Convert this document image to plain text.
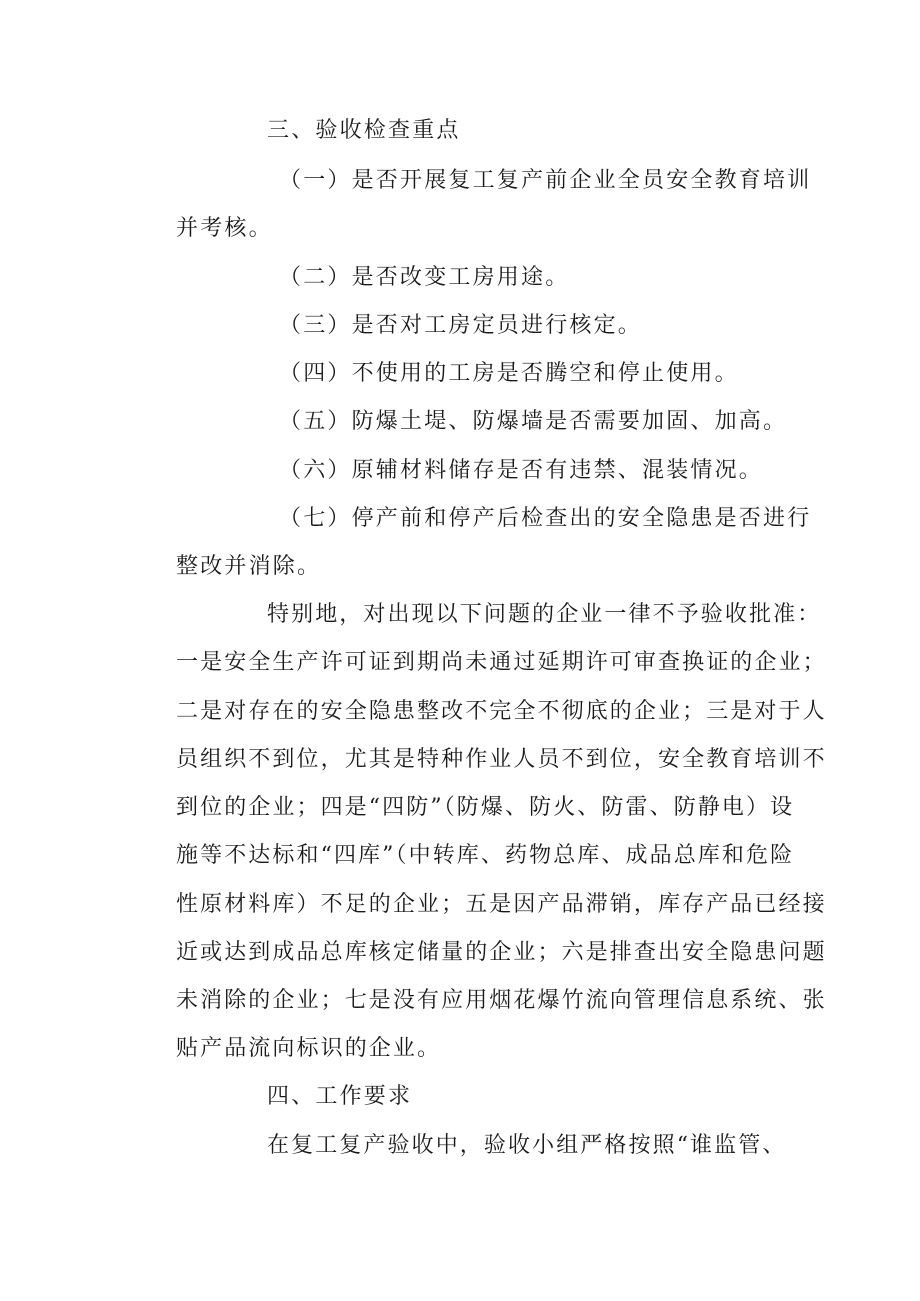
三、验收检查重点
（一）是否开展复工复产前企业全员安全教育培训
并考核。
（二）是否改变工房用途。
（三）是否对工房定员进行核定。
（四）不使用的工房是否腾空和停止使用。
（五）防爆土堤、防爆墙是否需要加固、加高。
（六）原辅材料储存是否有违禁、混装情况。
（七）停产前和停产后检查出的安全隐患是否进行
整改并消除。
特别地，对出现以下问题的企业一律不予验收批准：
一是安全生产许可证到期尚未通过延期许可审查换证的企业；
二是对存在的安全隐患整改不完全不彻底的企业；三是对于人
员组织不到位，尤其是特种作业人员不到位，安全教育培训不
到位的企业；四是“四防”（防爆、防火、防雷、防静电）设
施等不达标和“四库”（中转库、药物总库、成品总库和危险
性原材料库）不足的企业；五是因产品滞销，库存产品已经接
近或达到成品总库核定储量的企业；六是排查出安全隐患问题
未消除的企业；七是没有应用烟花爆竹流向管理信息系统、张
贴产品流向标识的企业。
四、工作要求
在复工复产验收中，验收小组严格按照“谁监管、
